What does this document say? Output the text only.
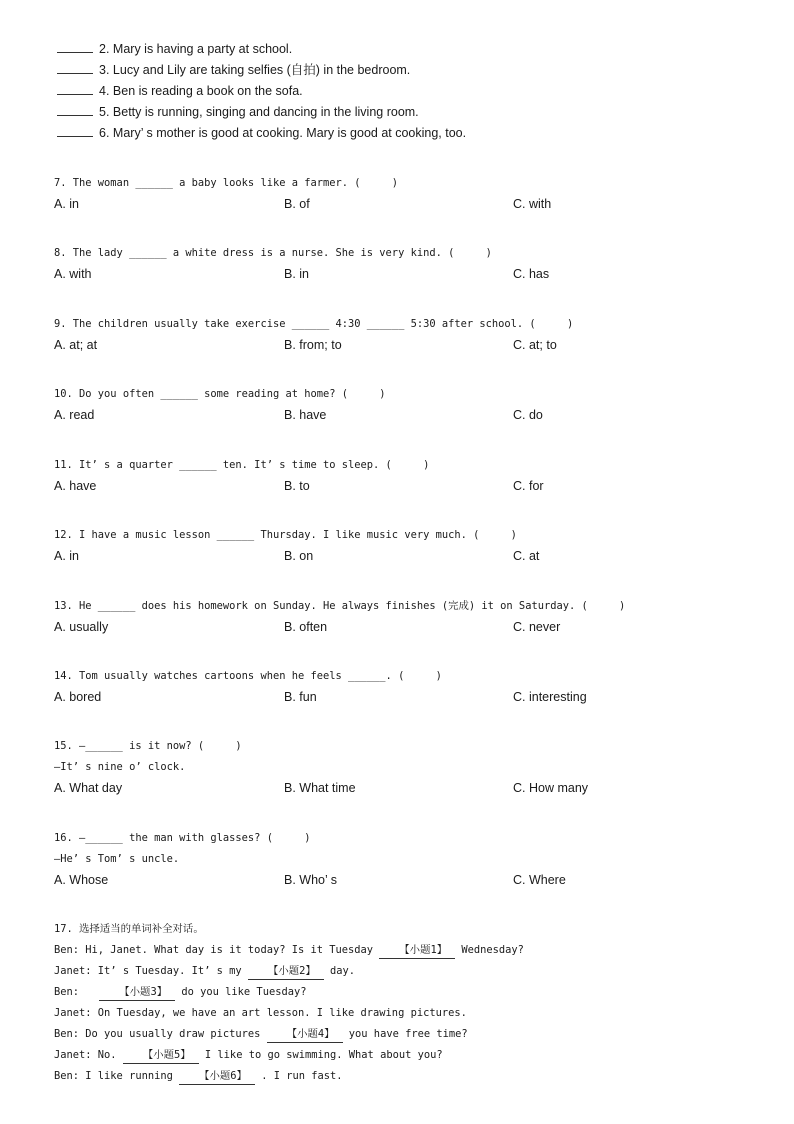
2. Mary is having a party at school.
3. Lucy and Lily are taking selfies (自拍) in the bedroom.
4. Ben is reading a book on the sofa.
5. Betty is running, singing and dancing in the living room.
6. Mary’ s mother is good at cooking. Mary is good at cooking, too.
7. The woman ______ a baby looks like a farmer. (     )
A. in	B. of	C. with
8. The lady ______ a white dress is a nurse. She is very kind. (     )
A. with	B. in	C. has
9. The children usually take exercise ______ 4:30 ______ 5:30 after school. (     )
A. at; at	B. from; to	C. at; to
10. Do you often ______ some reading at home? (     )
A. read	B. have	C. do
11. It’ s a quarter ______ ten. It’ s time to sleep. (     )
A. have	B. to	C. for
12. I have a music lesson ______ Thursday. I like music very much. (     )
A. in	B. on	C. at
13. He ______ does his homework on Sunday. He always finishes (完成) it on Saturday. (     )
A. usually	B. often	C. never
14. Tom usually watches cartoons when he feels ______. (     )
A. bored	B. fun	C. interesting
15. —______ is it now? (     )
—It’ s nine o’ clock.
A. What day	B. What time	C. How many
16. —______ the man with glasses? (     )
—He’ s Tom’ s uncle.
A. Whose	B. Who’ s	C. Where
17. 选择适当的单词补全对话。
Ben: Hi, Janet. What day is it today? Is it Tuesday 【小题1】 Wednesday?
Janet: It’ s Tuesday. It’ s my 【小题2】 day.
Ben:	【小题3】 do you like Tuesday?
Janet: On Tuesday, we have an art lesson. I like drawing pictures.
Ben: Do you usually draw pictures 【小题4】 you have free time?
Janet: No. 【小题5】 I like to go swimming. What about you?
Ben: I like running 【小题6】 . I run fast.
